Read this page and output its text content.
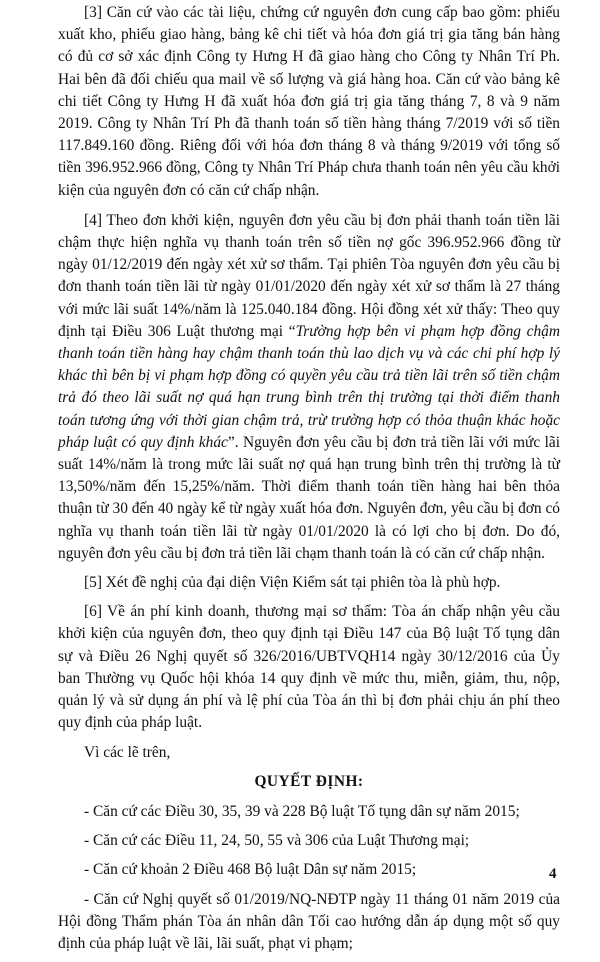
[3] Căn cứ vào các tài liệu, chứng cứ nguyên đơn cung cấp bao gồm: phiếu xuất kho, phiếu giao hàng, bảng kê chi tiết và hóa đơn giá trị gia tăng bán hàng có đủ cơ sở xác định Công ty Hưng H đã giao hàng cho Công ty Nhân Trí Ph. Hai bên đã đối chiếu qua mail về số lượng và giá hàng hoa. Căn cứ vào bảng kê chi tiết Công ty Hưng H đã xuất hóa đơn giá trị gia tăng tháng 7, 8 và 9 năm 2019. Công ty Nhân Trí Ph đã thanh toán số tiền hàng tháng 7/2019 với số tiền 117.849.160 đồng. Riêng đối với hóa đơn tháng 8 và tháng 9/2019 với tổng số tiền 396.952.966 đồng, Công ty Nhân Trí Pháp chưa thanh toán nên yêu cầu khởi kiện của nguyên đơn có căn cứ chấp nhận.

[4] Theo đơn khởi kiện, nguyên đơn yêu cầu bị đơn phải thanh toán tiền lãi chậm thực hiện nghĩa vụ thanh toán trên số tiền nợ gốc 396.952.966 đồng từ ngày 01/12/2019 đến ngày xét xử sơ thẩm. Tại phiên Tòa nguyên đơn yêu cầu bị đơn thanh toán tiền lãi từ ngày 01/01/2020 đến ngày xét xử sơ thẩm là 27 tháng với mức lãi suất 14%/năm là 125.040.184 đồng. Hội đồng xét xử thấy: Theo quy định tại Điều 306 Luật thương mại “Trường hợp bên vi phạm hợp đồng chậm thanh toán tiền hàng hay chậm thanh toán thù lao dịch vụ và các chi phí hợp lý khác thì bên bị vi phạm hợp đồng có quyền yêu cầu trả tiền lãi trên số tiền chậm trả đó theo lãi suất nợ quá hạn trung bình trên thị trường tại thời điểm thanh toán tương ứng với thời gian chậm trả, trừ trường hợp có thỏa thuận khác hoặc pháp luật có quy định khác”. Nguyên đơn yêu cầu bị đơn trả tiền lãi với mức lãi suất 14%/năm là trong mức lãi suất nợ quá hạn trung bình trên thị trường là từ 13,50%/năm đến 15,25%/năm. Thời điểm thanh toán tiền hàng hai bên thỏa thuận từ 30 đến 40 ngày kể từ ngày xuất hóa đơn. Nguyên đơn, yêu cầu bị đơn có nghĩa vụ thanh toán tiền lãi từ ngày 01/01/2020 là có lợi cho bị đơn. Do đó, nguyên đơn yêu cầu bị đơn trả tiền lãi chạm thanh toán là có căn cứ chấp nhận.

[5] Xét đề nghị của đại diện Viện Kiểm sát tại phiên tòa là phù hợp.

[6] Về án phí kinh doanh, thương mại sơ thẩm: Tòa án chấp nhận yêu cầu khởi kiện của nguyên đơn, theo quy định tại Điều 147 của Bộ luật Tố tụng dân sự và Điều 26 Nghị quyết số 326/2016/UBTVQH14 ngày 30/12/2016 của Ủy ban Thường vụ Quốc hội khóa 14 quy định về mức thu, miễn, giảm, thu, nộp, quản lý và sử dụng án phí và lệ phí của Tòa án thì bị đơn phải chịu án phí theo quy định của pháp luật.

Vì các lẽ trên,

QUYẾT ĐỊNH:

- Căn cứ các Điều 30, 35, 39 và 228 Bộ luật Tố tụng dân sự năm 2015;

- Căn cứ các Điều 11, 24, 50, 55 và 306 của Luật Thương mại;

- Căn cứ khoản 2 Điều 468 Bộ luật Dân sự năm 2015;

- Căn cứ Nghị quyết số 01/2019/NQ-NĐTP ngày 11 tháng 01 năm 2019 của Hội đồng Thẩm phán Tòa án nhân dân Tối cao hướng dẫn áp dụng một số quy định của pháp luật về lãi, lãi suất, phạt vi phạm;

4
